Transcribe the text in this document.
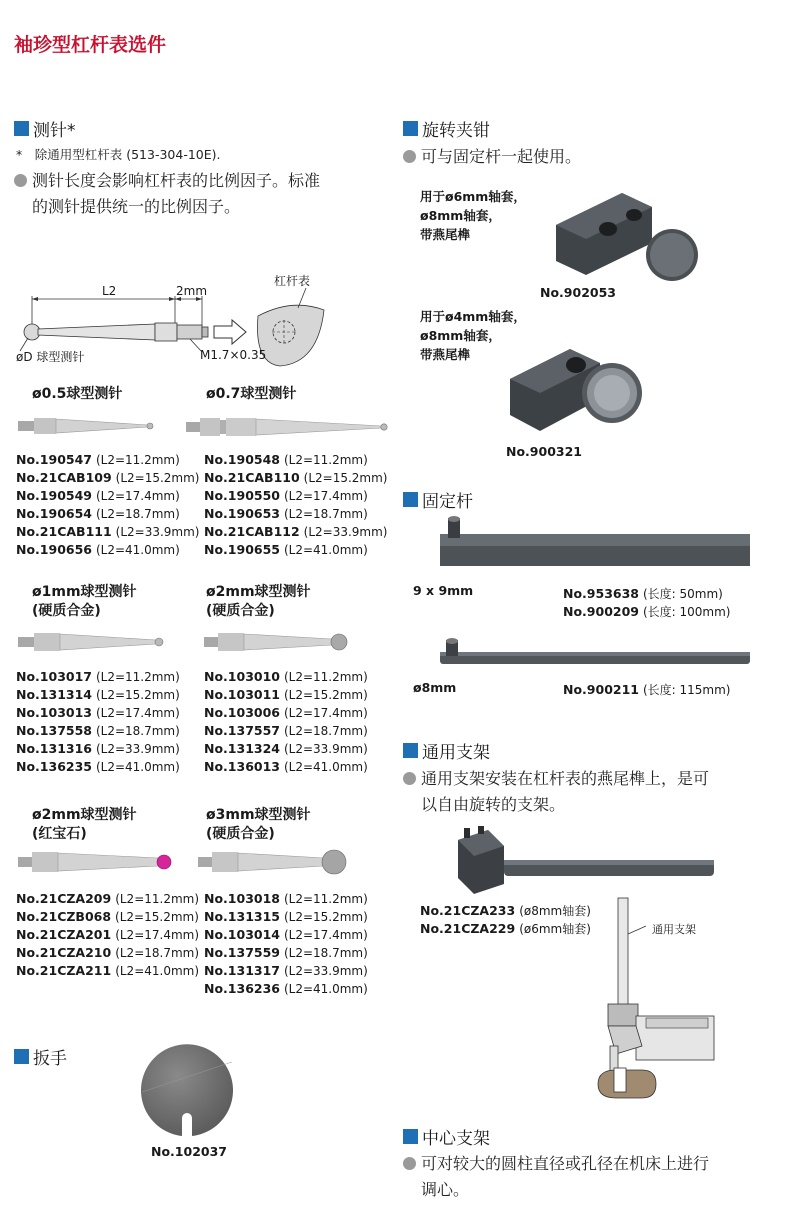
袖珍型杠杆表选件
测针*
*　除通用型杠杆表 (513-304-10E).
测针长度会影响杠杆表的比例因子。标准
的测针提供统一的比例因子。
L2	2mm
杠杆表
øD 球型测针	M1.7×0.35
ø0.5球型测针
No.190547 (L2=11.2mm)
No.21CAB109 (L2=15.2mm)
No.190549 (L2=17.4mm)
No.190654 (L2=18.7mm)
No.21CAB111 (L2=33.9mm)
No.190656 (L2=41.0mm)
ø0.7球型测针
No.190548 (L2=11.2mm)
No.21CAB110 (L2=15.2mm)
No.190550 (L2=17.4mm)
No.190653 (L2=18.7mm)
No.21CAB112 (L2=33.9mm)
No.190655 (L2=41.0mm)
ø1mm球型测针
(硬质合金)
No.103017 (L2=11.2mm)
No.131314 (L2=15.2mm)
No.103013 (L2=17.4mm)
No.137558 (L2=18.7mm)
No.131316 (L2=33.9mm)
No.136235 (L2=41.0mm)
ø2mm球型测针
(硬质合金)
No.103010 (L2=11.2mm)
No.103011 (L2=15.2mm)
No.103006 (L2=17.4mm)
No.137557 (L2=18.7mm)
No.131324 (L2=33.9mm)
No.136013 (L2=41.0mm)
ø2mm球型测针
(红宝石)
No.21CZA209 (L2=11.2mm)
No.21CZB068 (L2=15.2mm)
No.21CZA201 (L2=17.4mm)
No.21CZA210 (L2=18.7mm)
No.21CZA211 (L2=41.0mm)
ø3mm球型测针
(硬质合金)
No.103018 (L2=11.2mm)
No.131315 (L2=15.2mm)
No.103014 (L2=17.4mm)
No.137559 (L2=18.7mm)
No.131317 (L2=33.9mm)
No.136236 (L2=41.0mm)
扳手
No.102037
旋转夹钳
可与固定杆一起使用。
用于ø6mm轴套，
ø8mm轴套，
带燕尾榫
No.902053
用于ø4mm轴套，
ø8mm轴套，
带燕尾榫
No.900321
固定杆
9 x 9mm	No.953638 (长度: 50mm)
No.900209 (长度: 100mm)
ø8mm	No.900211 (长度: 115mm)
通用支架
通用支架安装在杠杆表的燕尾榫上，是可
以自由旋转的支架。
No.21CZA233 (ø8mm轴套)
No.21CZA229 (ø6mm轴套)	通用支架
中心支架
可对较大的圆柱直径或孔径在机床上进行
调心。
